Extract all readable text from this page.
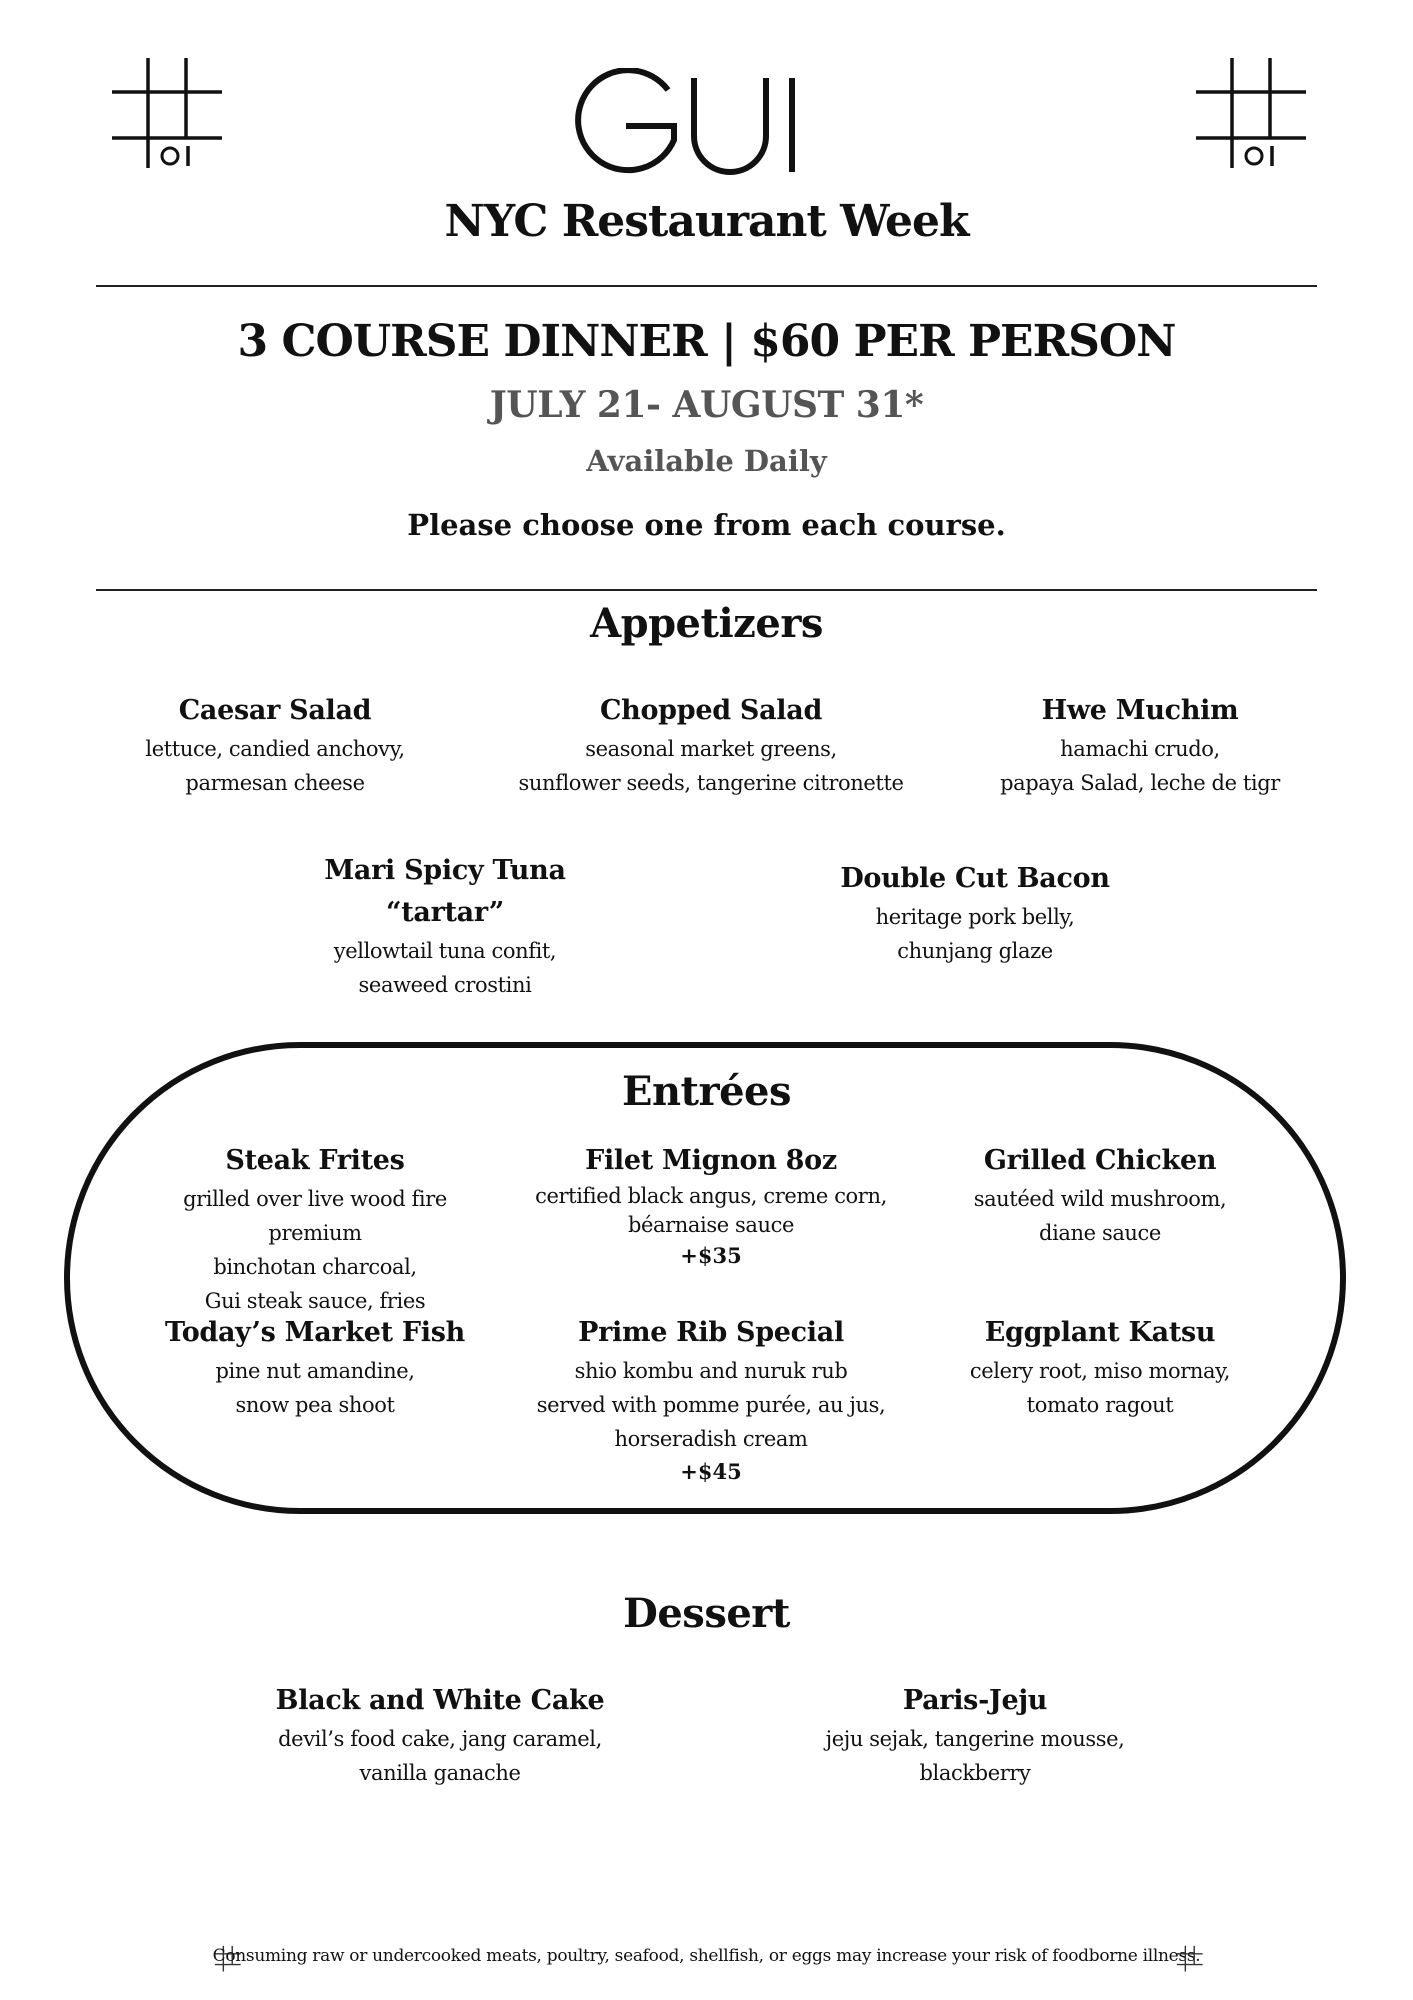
NYC Restaurant Week
3 COURSE DINNER | $60 PER PERSON
JULY 21- AUGUST 31*
Available Daily
Please choose one from each course.
Appetizers
Caesar Salad
lettuce, candied anchovy,
parmesan cheese
Chopped Salad
seasonal market greens,
sunflower seeds, tangerine citronette
Hwe Muchim
hamachi crudo,
papaya Salad, leche de tigr
Mari Spicy Tuna
“tartar”
yellowtail tuna confit,
seaweed crostini
Double Cut Bacon
heritage pork belly,
chunjang glaze
Entrées
Steak Frites
grilled over live wood fire premium
binchotan charcoal,
Gui steak sauce, fries
Filet Mignon 8oz
certified black angus, creme corn,
béarnaise sauce
+$35
Grilled Chicken
sautéed wild mushroom,
diane sauce
Today’s Market Fish
pine nut amandine,
snow pea shoot
Prime Rib Special
shio kombu and nuruk rub
served with pomme purée, au jus,
horseradish cream
+$45
Eggplant Katsu
celery root, miso mornay,
tomato ragout
Dessert
Black and White Cake
devil’s food cake, jang caramel,
vanilla ganache
Paris-Jeju
jeju sejak, tangerine mousse,
blackberry
Consuming raw or undercooked meats, poultry, seafood, shellfish, or eggs may increase your risk of foodborne illness.
